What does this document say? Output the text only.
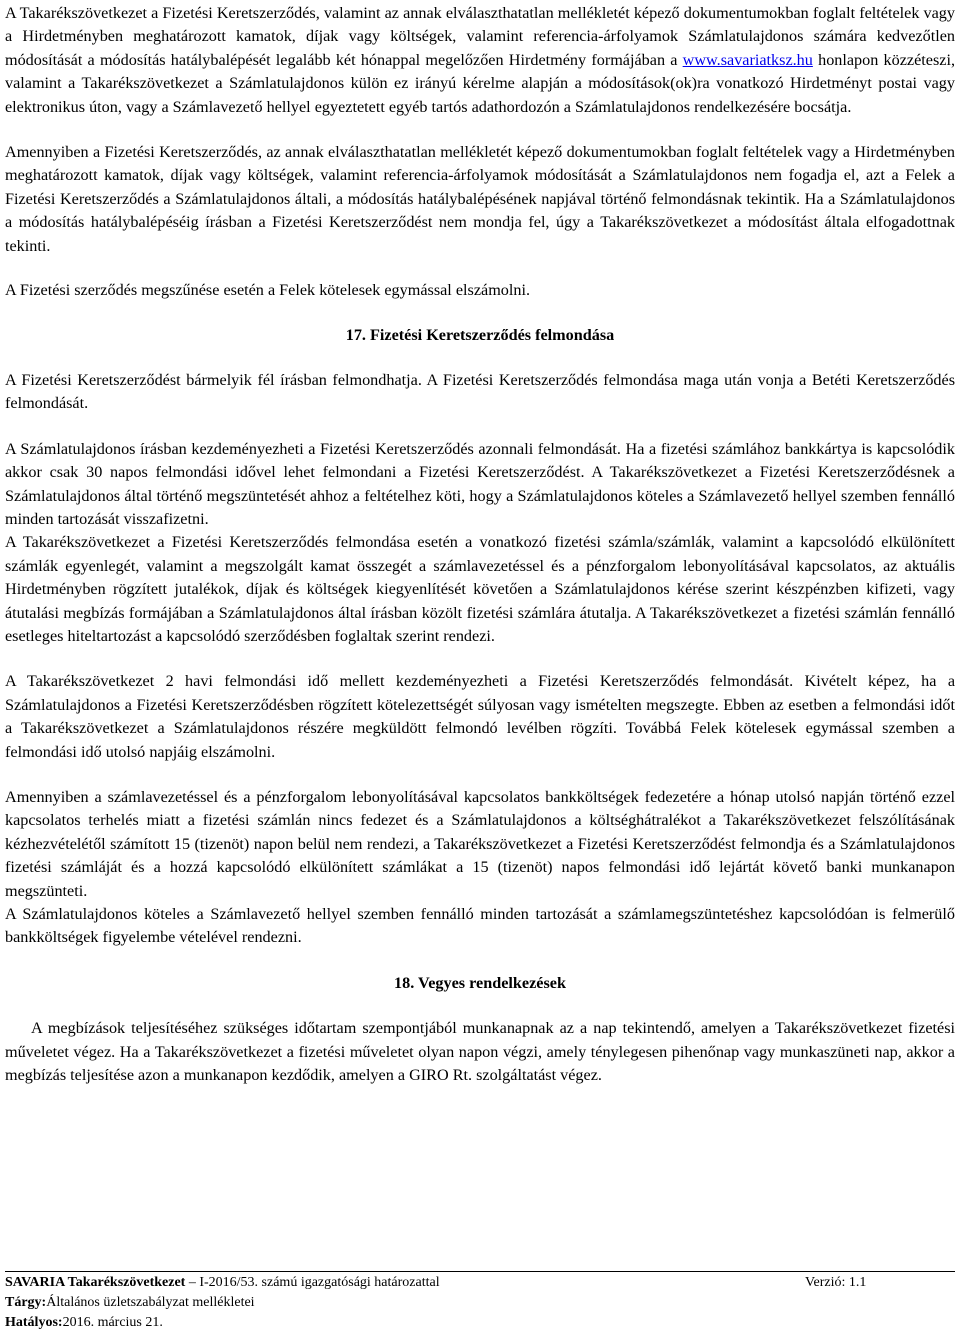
A Takarékszövetkezet a Fizetési Keretszerződés, valamint az annak elválaszthatatlan mellékletét képező dokumentumokban foglalt feltételek vagy a Hirdetményben meghatározott kamatok, díjak vagy költségek, valamint referencia-árfolyamok Számlatulajdonos számára kedvezőtlen módosítását a módosítás hatálybalépését legalább két hónappal megelőzően Hirdetmény formájában a www.savariatksz.hu honlapon közzéteszi, valamint a Takarékszövetkezet a Számlatulajdonos külön ez irányú kérelme alapján a módosítások(ok)ra vonatkozó Hirdetményt postai vagy elektronikus úton, vagy a Számlavezető hellyel egyeztetett egyéb tartós adathordozón a Számlatulajdonos rendelkezésére bocsátja.

Amennyiben a Fizetési Keretszerződés, az annak elválaszthatatlan mellékletét képező dokumentumokban foglalt feltételek vagy a Hirdetményben meghatározott kamatok, díjak vagy költségek, valamint referencia-árfolyamok módosítását a Számlatulajdonos nem fogadja el, azt a Felek a Fizetési Keretszerződés a Számlatulajdonos általi, a módosítás hatálybalépésének napjával történő felmondásnak tekintik. Ha a Számlatulajdonos a módosítás hatálybalépéséig írásban a Fizetési Keretszerződést nem mondja fel, úgy a Takarékszövetkezet a módosítást általa elfogadottnak tekinti.

A Fizetési szerződés megszűnése esetén a Felek kötelesek egymással elszámolni.

17. Fizetési Keretszerződés felmondása

A Fizetési Keretszerződést bármelyik fél írásban felmondhatja. A Fizetési Keretszerződés felmondása maga után vonja a Betéti Keretszerződés felmondását.

A Számlatulajdonos írásban kezdeményezheti a Fizetési Keretszerződés azonnali felmondását. Ha a fizetési számlához bankkártya is kapcsolódik akkor csak 30 napos felmondási idővel lehet felmondani a Fizetési Keretszerződést. A Takarékszövetkezet a Fizetési Keretszerződésnek a Számlatulajdonos által történő megszüntetését ahhoz a feltételhez köti, hogy a Számlatulajdonos köteles a Számlavezető hellyel szemben fennálló minden tartozását visszafizetni.

A Takarékszövetkezet a Fizetési Keretszerződés felmondása esetén a vonatkozó fizetési számla/számlák, valamint a kapcsolódó elkülönített számlák egyenlegét, valamint a megszolgált kamat összegét a számlavezetéssel és a pénzforgalom lebonyolításával kapcsolatos, az aktuális Hirdetményben rögzített jutalékok, díjak és költségek kiegyenlítését követően a Számlatulajdonos kérése szerint készpénzben kifizeti, vagy átutalási megbízás formájában a Számlatulajdonos által írásban közölt fizetési számlára átutalja. A Takarékszövetkezet a fizetési számlán fennálló esetleges hiteltartozást a kapcsolódó szerződésben foglaltak szerint rendezi.

A Takarékszövetkezet 2 havi felmondási idő mellett kezdeményezheti a Fizetési Keretszerződés felmondását. Kivételt képez, ha a Számlatulajdonos a Fizetési Keretszerződésben rögzített kötelezettségét súlyosan vagy ismételten megszegte. Ebben az esetben a felmondási időt a Takarékszövetkezet a Számlatulajdonos részére megküldött felmondó levélben rögzíti. Továbbá Felek kötelesek egymással szemben a felmondási idő utolsó napjáig elszámolni.

Amennyiben a számlavezetéssel és a pénzforgalom lebonyolításával kapcsolatos bankköltségek fedezetére a hónap utolsó napján történő ezzel kapcsolatos terhelés miatt a fizetési számlán nincs fedezet és a Számlatulajdonos a költséghátralékot a Takarékszövetkezet felszólításának kézhezvételétől számított 15 (tizenöt) napon belül nem rendezi, a Takarékszövetkezet a Fizetési Keretszerződést felmondja és a Számlatulajdonos fizetési számláját és a hozzá kapcsolódó elkülönített számlákat a 15 (tizenöt) napos felmondási idő lejártát követő banki munkanapon megszünteti.

A Számlatulajdonos köteles a Számlavezető hellyel szemben fennálló minden tartozását a számlamegszüntetéshez kapcsolódóan is felmerülő bankköltségek figyelembe vételével rendezni.

18. Vegyes rendelkezések

A megbízások teljesítéséhez szükséges időtartam szempontjából munkanapnak az a nap tekintendő, amelyen a Takarékszövetkezet fizetési műveletet végez. Ha a Takarékszövetkezet a fizetési műveletet olyan napon végzi, amely ténylegesen pihenőnap vagy munkaszüneti nap, akkor a megbízás teljesítése azon a munkanapon kezdődik, amelyen a GIRO Rt. szolgáltatást végez.

SAVARIA Takarékszövetkezet – I-2016/53. számú igazgatósági határozattal	Verzió: 1.1
Tárgy: Általános üzletszabályzat mellékletei
Hatályos: 2016. március 21.
